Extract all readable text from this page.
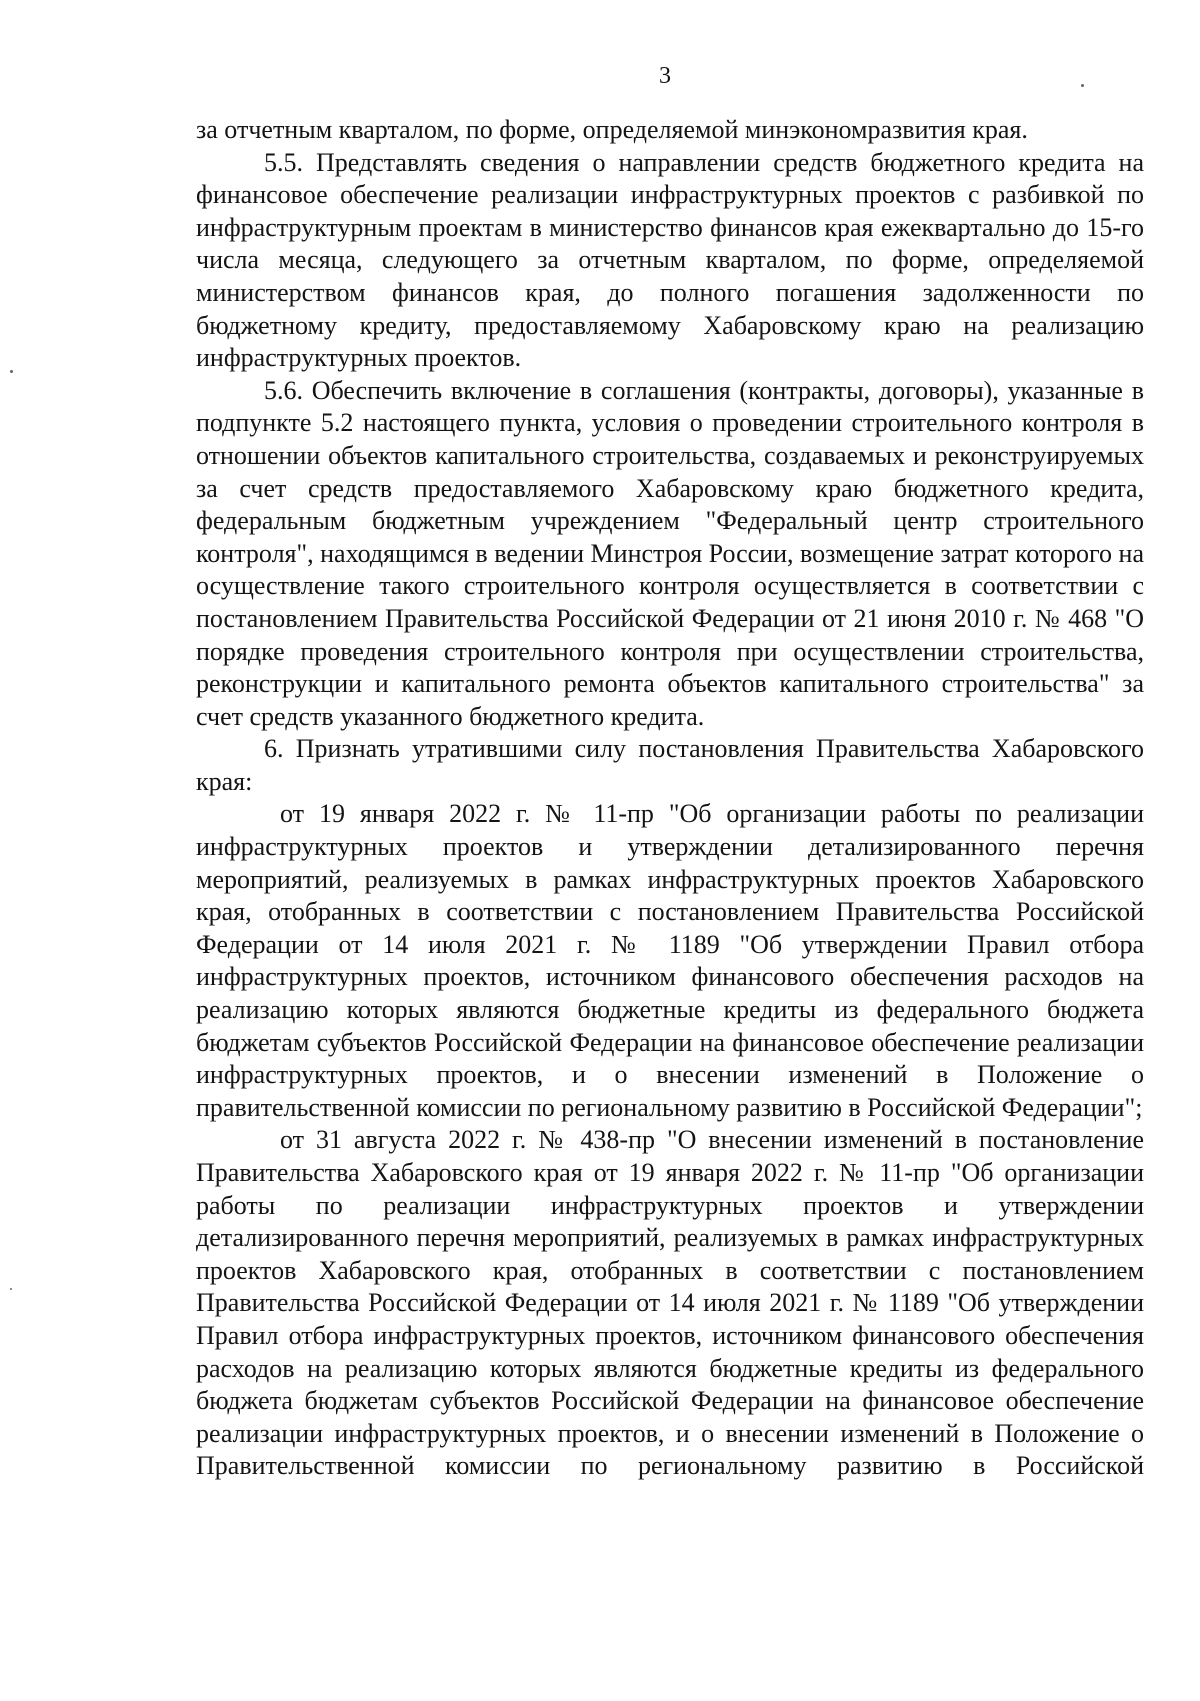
3

за отчетным кварталом, по форме, определяемой минэкономразвития края.

5.5. Представлять сведения о направлении средств бюджетного кредита на финансовое обеспечение реализации инфраструктурных проектов с разбивкой по инфраструктурным проектам в министерство финансов края ежеквартально до 15-го числа месяца, следующего за отчетным кварталом, по форме, определяемой министерством финансов края, до полного погашения задолженности по бюджетному кредиту, предоставляемому Хабаровскому краю на реализацию инфраструктурных проектов.

5.6. Обеспечить включение в соглашения (контракты, договоры), указанные в подпункте 5.2 настоящего пункта, условия о проведении строительного контроля в отношении объектов капитального строительства, создаваемых и реконструируемых за счет средств предоставляемого Хабаровскому краю бюджетного кредита, федеральным бюджетным учреждением "Федеральный центр строительного контроля", находящимся в ведении Минстроя России, возмещение затрат которого на осуществление такого строительного контроля осуществляется в соответствии с постановлением Правительства Российской Федерации от 21 июня 2010 г. № 468 "О порядке проведения строительного контроля при осуществлении строительства, реконструкции и капитального ремонта объектов капитального строительства" за счет средств указанного бюджетного кредита.

6. Признать утратившими силу постановления Правительства Хабаровского края:

от 19 января 2022 г. № 11-пр "Об организации работы по реализации инфраструктурных проектов и утверждении детализированного перечня мероприятий, реализуемых в рамках инфраструктурных проектов Хабаровского края, отобранных в соответствии с постановлением Правительства Российской Федерации от 14 июля 2021 г. № 1189 "Об утверждении Правил отбора инфраструктурных проектов, источником финансового обеспечения расходов на реализацию которых являются бюджетные кредиты из федерального бюджета бюджетам субъектов Российской Федерации на финансовое обеспечение реализации инфраструктурных проектов, и о внесении изменений в Положение о правительственной комиссии по региональному развитию в Российской Федерации";

от 31 августа 2022 г. № 438-пр "О внесении изменений в постановление Правительства Хабаровского края от 19 января 2022 г. № 11-пр "Об организации работы по реализации инфраструктурных проектов и утверждении детализированного перечня мероприятий, реализуемых в рамках инфраструктурных проектов Хабаровского края, отобранных в соответствии с постановлением Правительства Российской Федерации от 14 июля 2021 г. № 1189 "Об утверждении Правил отбора инфраструктурных проектов, источником финансового обеспечения расходов на реализацию которых являются бюджетные кредиты из федерального бюджета бюджетам субъектов Российской Федерации на финансовое обеспечение реализации инфраструктурных проектов, и о внесении изменений в Положение о Правительственной комиссии по региональному развитию в Российской
